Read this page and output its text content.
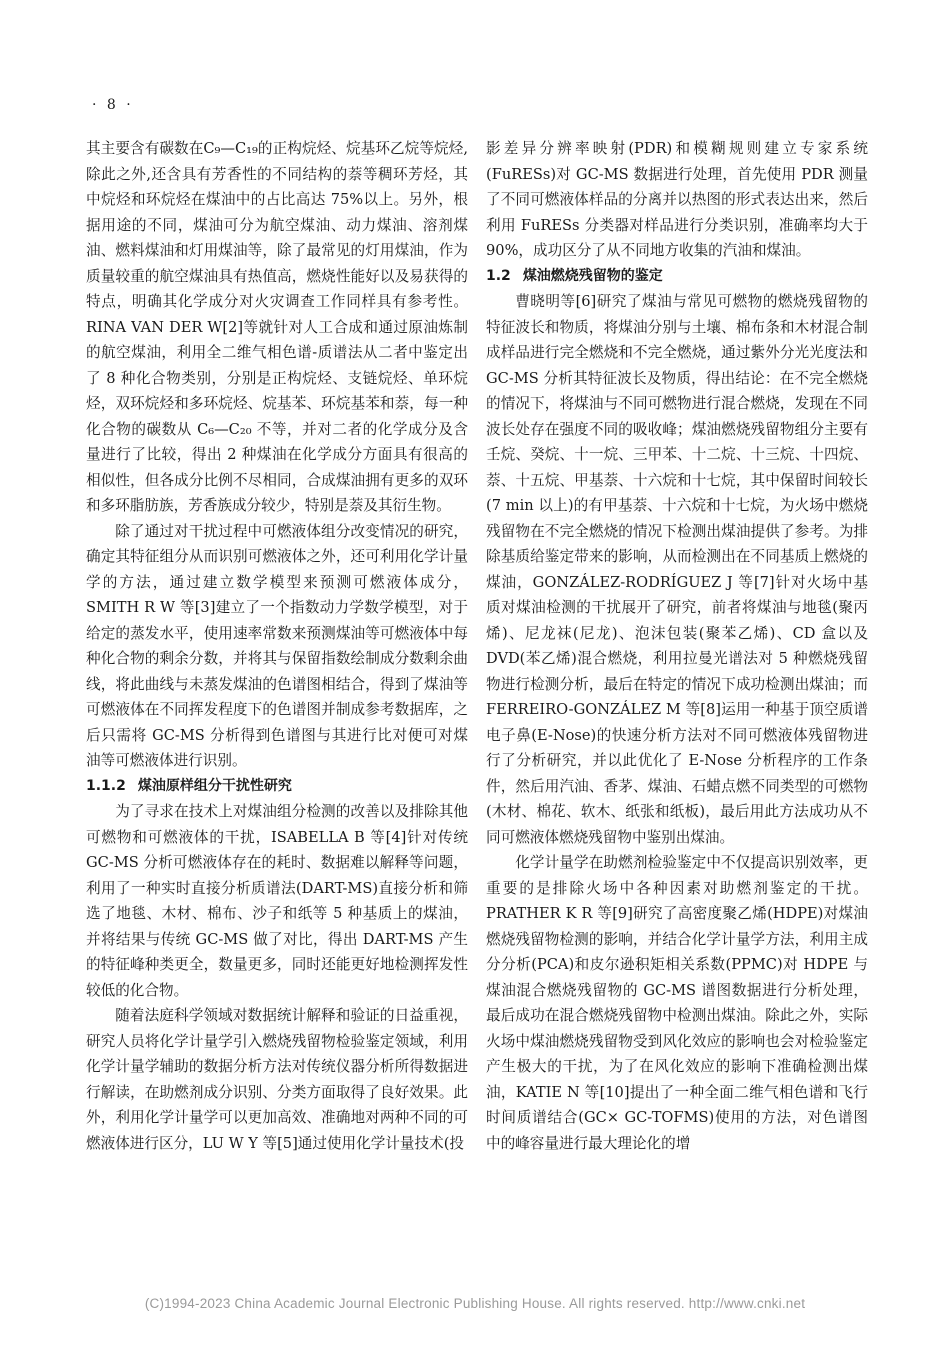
· 8 ·

其主要含有碳数在C₉—C₁₉的正构烷烃、烷基环乙烷等烷烃,除此之外,还含具有芳香性的不同结构的萘等稠环芳烃，其中烷烃和环烷烃在煤油中的占比高达 75%以上。另外，根据用途的不同，煤油可分为航空煤油、动力煤油、溶剂煤油、燃料煤油和灯用煤油等，除了最常见的灯用煤油，作为质量较重的航空煤油具有热值高，燃烧性能好以及易获得的特点，明确其化学成分对火灾调查工作同样具有参考性。RINA VAN DER W[2]等就针对人工合成和通过原油炼制的航空煤油，利用全二维气相色谱-质谱法从二者中鉴定出了 8 种化合物类别，分别是正构烷烃、支链烷烃、单环烷烃，双环烷烃和多环烷烃、烷基苯、环烷基苯和萘，每一种化合物的碳数从 C₆—C₂₀ 不等，并对二者的化学成分及含量进行了比较，得出 2 种煤油在化学成分方面具有很高的相似性，但各成分比例不尽相同，合成煤油拥有更多的双环和多环脂肪族，芳香族成分较少，特别是萘及其衍生物。

除了通过对干扰过程中可燃液体组分改变情况的研究，确定其特征组分从而识别可燃液体之外，还可利用化学计量学的方法，通过建立数学模型来预测可燃液体成分，SMITH R W 等[3]建立了一个指数动力学数学模型，对于给定的蒸发水平，使用速率常数来预测煤油等可燃液体中每种化合物的剩余分数，并将其与保留指数绘制成分数剩余曲线，将此曲线与未蒸发煤油的色谱图相结合，得到了煤油等可燃液体在不同挥发程度下的色谱图并制成参考数据库，之后只需将 GC-MS 分析得到色谱图与其进行比对便可对煤油等可燃液体进行识别。

1.1.2 煤油原样组分干扰性研究

为了寻求在技术上对煤油组分检测的改善以及排除其他可燃物和可燃液体的干扰，ISABELLA B 等[4]针对传统 GC-MS 分析可燃液体存在的耗时、数据难以解释等问题，利用了一种实时直接分析质谱法(DART-MS)直接分析和筛选了地毯、木材、棉布、沙子和纸等 5 种基质上的煤油，并将结果与传统 GC-MS 做了对比，得出 DART-MS 产生的特征峰种类更全，数量更多，同时还能更好地检测挥发性较低的化合物。

随着法庭科学领域对数据统计解释和验证的日益重视，研究人员将化学计量学引入燃烧残留物检验鉴定领域，利用化学计量学辅助的数据分析方法对传统仪器分析所得数据进行解读，在助燃剂成分识别、分类方面取得了良好效果。此外，利用化学计量学可以更加高效、准确地对两种不同的可燃液体进行区分，LU W Y 等[5]通过使用化学计量技术(投

影差异分辨率映射(PDR)和模糊规则建立专家系统(FuRESs)对 GC-MS 数据进行处理，首先使用 PDR 测量了不同可燃液体样品的分离并以热图的形式表达出来，然后利用 FuRESs 分类器对样品进行分类识别，准确率均大于 90%，成功区分了从不同地方收集的汽油和煤油。

1.2 煤油燃烧残留物的鉴定

曹晓明等[6]研究了煤油与常见可燃物的燃烧残留物的特征波长和物质，将煤油分别与土壤、棉布条和木材混合制成样品进行完全燃烧和不完全燃烧，通过紫外分光光度法和 GC-MS 分析其特征波长及物质，得出结论：在不完全燃烧的情况下，将煤油与不同可燃物进行混合燃烧，发现在不同波长处存在强度不同的吸收峰；煤油燃烧残留物组分主要有壬烷、癸烷、十一烷、三甲苯、十二烷、十三烷、十四烷、萘、十五烷、甲基萘、十六烷和十七烷，其中保留时间较长(7 min 以上)的有甲基萘、十六烷和十七烷，为火场中燃烧残留物在不完全燃烧的情况下检测出煤油提供了参考。为排除基质给鉴定带来的影响，从而检测出在不同基质上燃烧的煤油，GONZÁLEZ-RODRÍGUEZ J 等[7]针对火场中基质对煤油检测的干扰展开了研究，前者将煤油与地毯(聚丙烯)、尼龙袜(尼龙)、泡沫包装(聚苯乙烯)、CD 盒以及 DVD(苯乙烯)混合燃烧，利用拉曼光谱法对 5 种燃烧残留物进行检测分析，最后在特定的情况下成功检测出煤油；而 FERREIRO-GONZÁLEZ M 等[8]运用一种基于顶空质谱电子鼻(E-Nose)的快速分析方法对不同可燃液体残留物进行了分析研究，并以此优化了 E-Nose 分析程序的工作条件，然后用汽油、香茅、煤油、石蜡点燃不同类型的可燃物(木材、棉花、软木、纸张和纸板)，最后用此方法成功从不同可燃液体燃烧残留物中鉴别出煤油。

化学计量学在助燃剂检验鉴定中不仅提高识别效率，更重要的是排除火场中各种因素对助燃剂鉴定的干扰。PRATHER K R 等[9]研究了高密度聚乙烯(HDPE)对煤油燃烧残留物检测的影响，并结合化学计量学方法，利用主成分分析(PCA)和皮尔逊积矩相关系数(PPMC)对 HDPE 与煤油混合燃烧残留物的 GC-MS 谱图数据进行分析处理，最后成功在混合燃烧残留物中检测出煤油。除此之外，实际火场中煤油燃烧残留物受到风化效应的影响也会对检验鉴定产生极大的干扰，为了在风化效应的影响下准确检测出煤油，KATIE N 等[10]提出了一种全面二维气相色谱和飞行时间质谱结合(GC× GC-TOFMS)使用的方法，对色谱图中的峰容量进行最大理论化的增

(C)1994-2023 China Academic Journal Electronic Publishing House. All rights reserved. http://www.cnki.net
